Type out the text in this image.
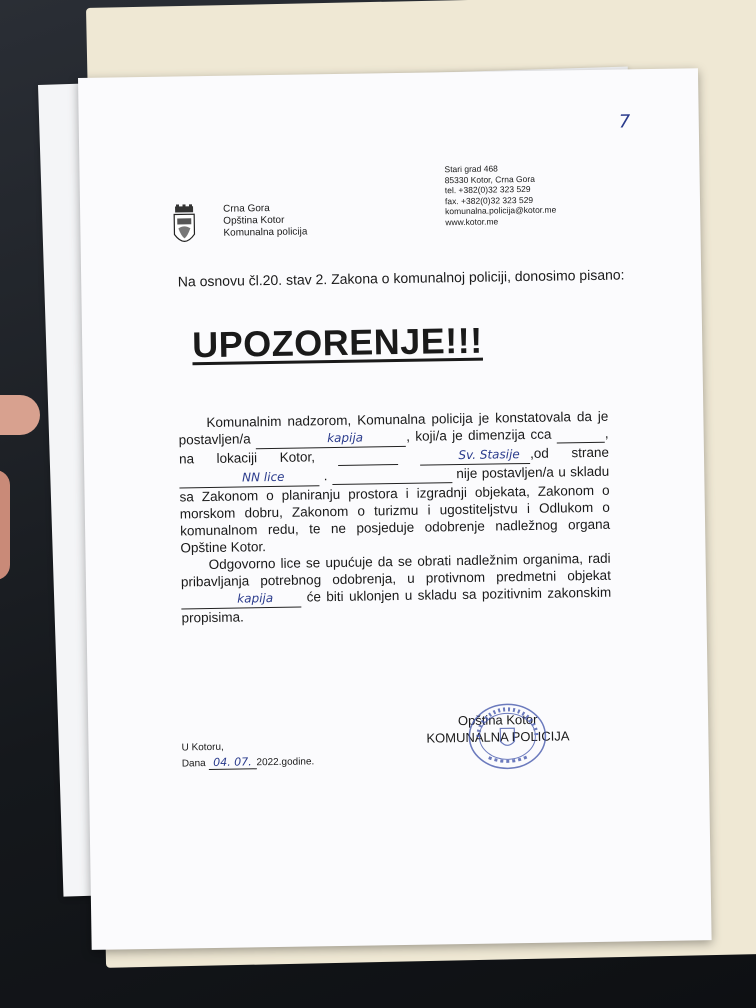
7
Crna Gora
Opština Kotor
Komunalna policija
Stari grad 468
85330 Kotor, Crna Gora
tel. +382(0)32 323 529
fax. +382(0)32 323 529
komunalna.policija@kotor.me
www.kotor.me
Na osnovu čl.20. stav 2. Zakona o komunalnoj policiji, donosimo pisano:
UPOZORENJE!!!

Komunalnim nadzorom, Komunalna policija je konstatovala da je postavljen/a	kapija	, koji/a je dimenzija cca	, na lokaciji Kotor,	Sv. Stasije ,od strane NN lice	.	nije postavljen/a u skladu sa Zakonom o planiranju prostora i izgradnji objekata, Zakonom o morskom dobru, Zakonom o turizmu i ugostiteljstvu i Odlukom o komunalnom redu, te ne posjeduje odobrenje nadležnog organa Opštine Kotor.

Odgovorno lice se upućuje da se obrati nadležnim organima, radi pribavljanja potrebnog odobrenja, u protivnom predmetni objekat kapija će biti uklonjen u skladu sa pozitivnim zakonskim propisima.

U Kotoru,
Dana 04. 07. 2022.godine.
Opština Kotor
KOMUNALNA POLICIJA
